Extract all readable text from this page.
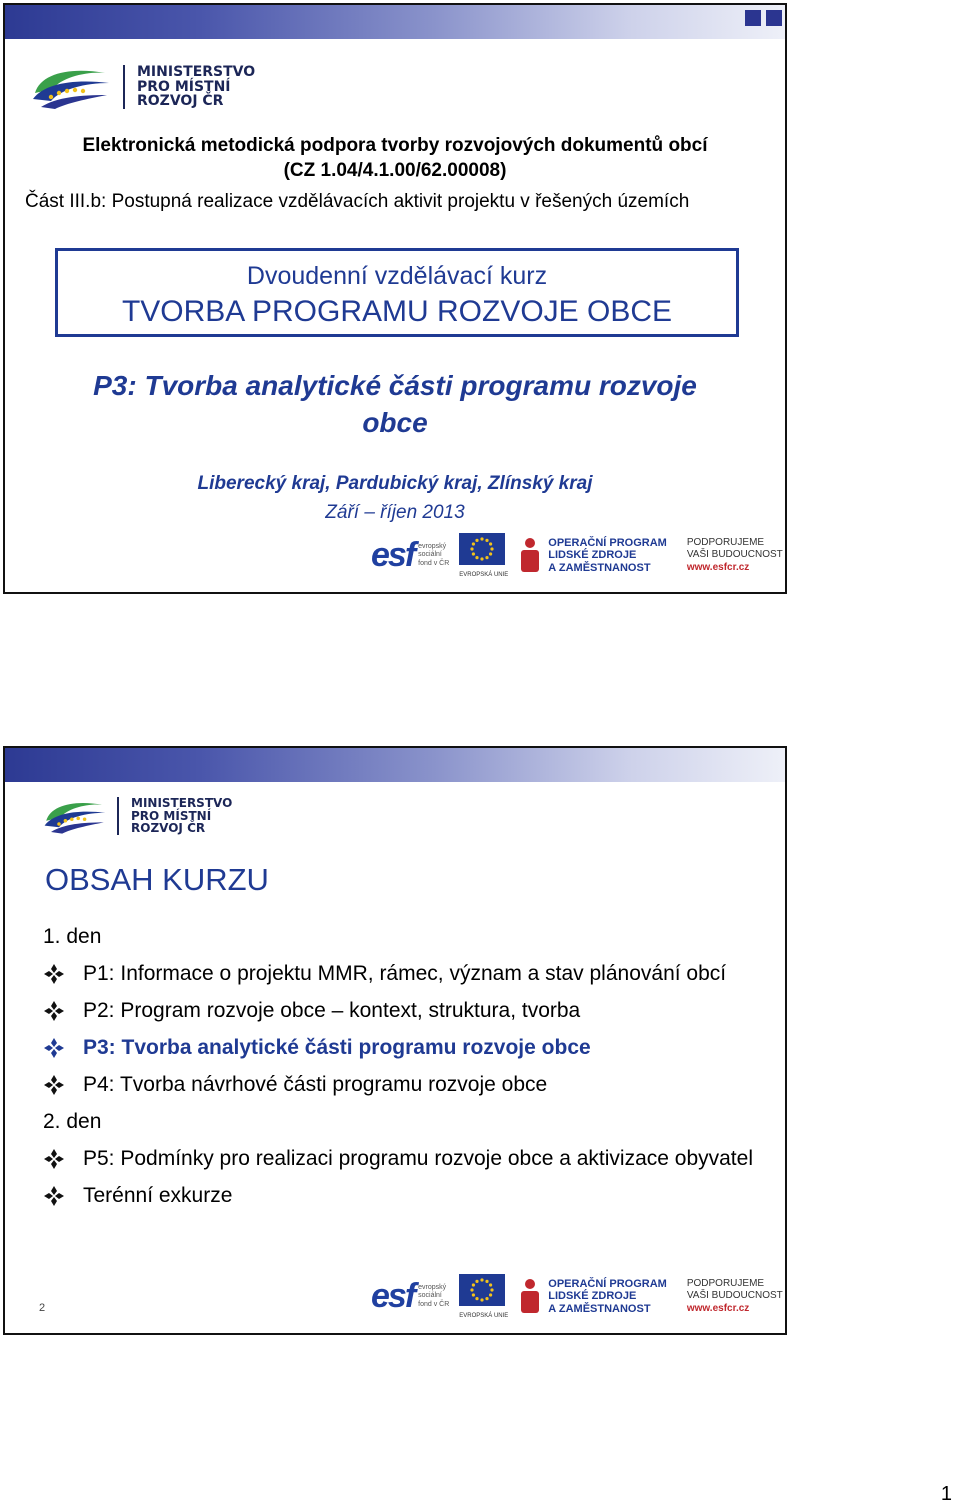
MINISTERSTVO
PRO MÍSTNÍ
ROZVOJ ČR
Elektronická metodická podpora tvorby rozvojových dokumentů obcí
(CZ 1.04/4.1.00/62.00008)
Část III.b: Postupná realizace vzdělávacích aktivit projektu v řešených územích
Dvoudenní vzdělávací kurz
TVORBA PROGRAMU ROZVOJE OBCE
P3: Tvorba analytické části programu rozvoje
obce
Liberecký kraj, Pardubický kraj, Zlínský kraj
Září – říjen 2013
esf evropský
sociální
fond v ČR
EVROPSKÁ UNIE
OPERAČNÍ PROGRAM
LIDSKÉ ZDROJE
A ZAMĚSTNANOST
PODPORUJEME
VAŠI BUDOUCNOST
www.esfcr.cz
MINISTERSTVO
PRO MÍSTNÍ
ROZVOJ ČR
OBSAH KURZU
1. den
P1: Informace o projektu MMR, rámec, význam a stav plánování obcí
P2: Program rozvoje obce – kontext, struktura, tvorba
P3: Tvorba analytické části programu rozvoje obce
P4: Tvorba návrhové části programu rozvoje obce
2. den
P5: Podmínky pro realizaci programu rozvoje obce a aktivizace obyvatel
Terénní exkurze
2	esf evropský
sociální
fond v ČR
EVROPSKÁ UNIE
OPERAČNÍ PROGRAM
LIDSKÉ ZDROJE
A ZAMĚSTNANOST
PODPORUJEME
VAŠI BUDOUCNOST
www.esfcr.cz
1
